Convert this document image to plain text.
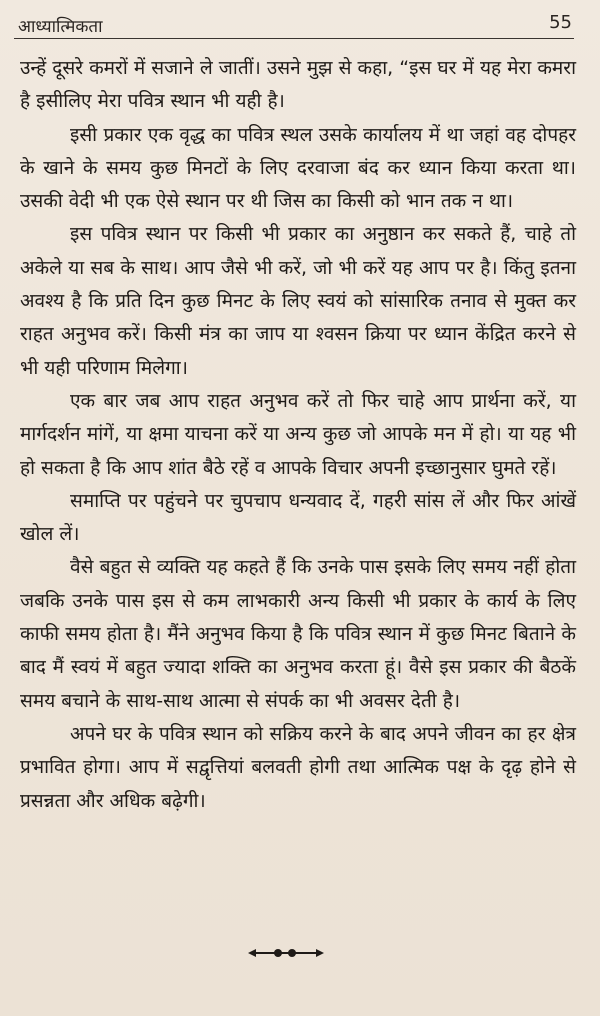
आध्यात्मिकता	55

उन्हें दूसरे कमरों में सजाने ले जातीं। उसने मुझ से कहा, “इस घर में यह मेरा कमरा है इसीलिए मेरा पवित्र स्थान भी यही है।

इसी प्रकार एक वृद्ध का पवित्र स्थल उसके कार्यालय में था जहां वह दोपहर के खाने के समय कुछ मिनटों के लिए दरवाजा बंद कर ध्यान किया करता था। उसकी वेदी भी एक ऐसे स्थान पर थी जिस का किसी को भान तक न था।

इस पवित्र स्थान पर किसी भी प्रकार का अनुष्ठान कर सकते हैं, चाहे तो अकेले या सब के साथ। आप जैसे भी करें, जो भी करें यह आप पर है। किंतु इतना अवश्य है कि प्रति दिन कुछ मिनट के लिए स्वयं को सांसारिक तनाव से मुक्त कर राहत अनुभव करें। किसी मंत्र का जाप या श्वसन क्रिया पर ध्यान केंद्रित करने से भी यही परिणाम मिलेगा।

एक बार जब आप राहत अनुभव करें तो फिर चाहे आप प्रार्थना करें, या मार्गदर्शन मांगें, या क्षमा याचना करें या अन्य कुछ जो आपके मन में हो। या यह भी हो सकता है कि आप शांत बैठे रहें व आपके विचार अपनी इच्छानुसार घुमते रहें।

समाप्ति पर पहुंचने पर चुपचाप धन्यवाद दें, गहरी सांस लें और फिर आंखें खोल लें।

वैसे बहुत से व्यक्ति यह कहते हैं कि उनके पास इसके लिए समय नहीं होता जबकि उनके पास इस से कम लाभकारी अन्य किसी भी प्रकार के कार्य के लिए काफी समय होता है। मैंने अनुभव किया है कि पवित्र स्थान में कुछ मिनट बिताने के बाद मैं स्वयं में बहुत ज्यादा शक्ति का अनुभव करता हूं। वैसे इस प्रकार की बैठकें समय बचाने के साथ-साथ आत्मा से संपर्क का भी अवसर देती है।

अपने घर के पवित्र स्थान को सक्रिय करने के बाद अपने जीवन का हर क्षेत्र प्रभावित होगा। आप में सद्वृत्तियां बलवती होगी तथा आत्मिक पक्ष के दृढ़ होने से प्रसन्नता और अधिक बढ़ेगी।
